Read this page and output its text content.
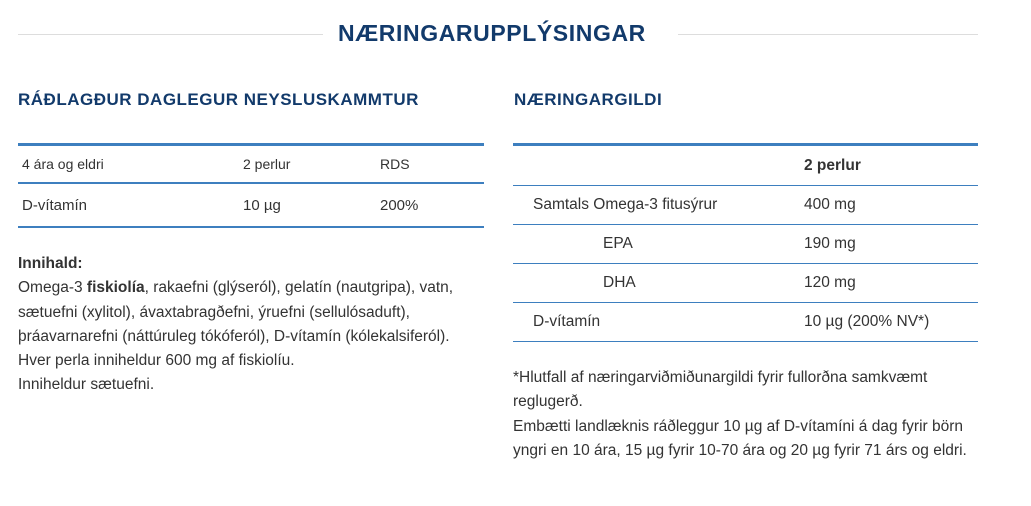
NÆRINGARUPPLÝSINGAR
RÁÐLAGÐUR DAGLEGUR NEYSLUSKAMMTUR
4 ára og eldri	2 perlur	RDS
D-vítamín	10 µg	200%
Innihald:
Omega-3 fiskiolía, rakaefni (glýseról), gelatín (nautgripa), vatn, sætuefni (xylitol), ávaxtabragðefni, ýruefni (sellulósaduft), þráavarnarefni (náttúruleg tókóferól), D-vítamín (kólekalsiferól).
Hver perla inniheldur 600 mg af fiskiolíu.
Inniheldur sætuefni.
NÆRINGARGILDI
2 perlur
Samtals Omega-3 fitusýrur	400 mg
EPA	190 mg
DHA	120 mg
D-vítamín	10 µg (200% NV*)
*Hlutfall af næringarviðmiðunargildi fyrir fullorðna samkvæmt reglugerð.
Embætti landlæknis ráðleggur 10 µg af D-vítamíni á dag fyrir börn yngri en 10 ára, 15 µg fyrir 10-70 ára og 20 µg fyrir 71 árs og eldri.
